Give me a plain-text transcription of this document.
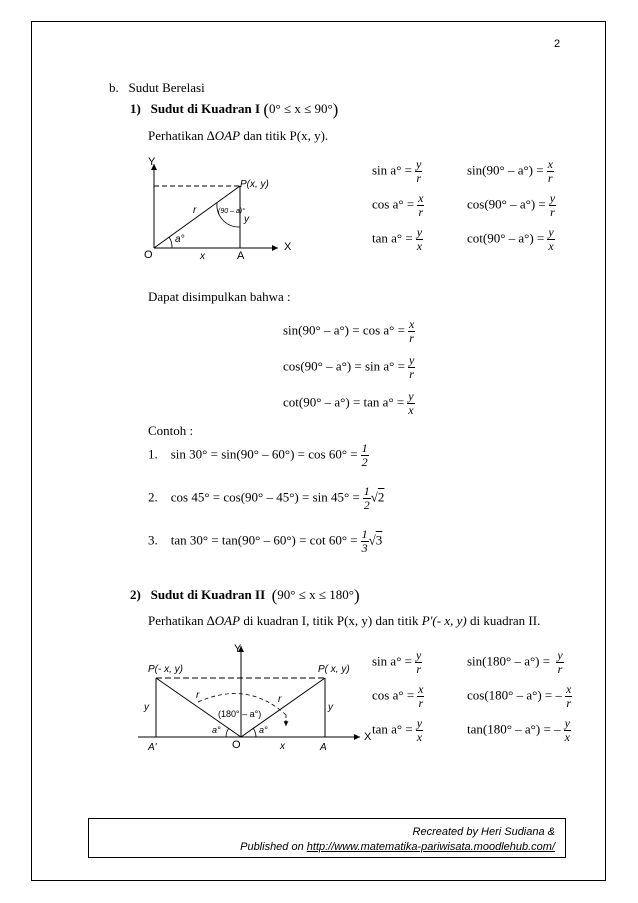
2
b. Sudut Berelasi
1) Sudut di Kuadran I (0° ≤ x ≤ 90°)
Perhatikan ∆OAP dan titik P(x, y).
Y
X
O	A
P(x, y)
r
x
y
a°
(90 – a)°
$\sin a^\circ = \frac{y}{r}$	$\sin(90^\circ - a^\circ) = \frac{x}{r}$
$\cos a^\circ = \frac{x}{r}$	$\cos(90^\circ - a^\circ) = \frac{y}{r}$
$\tan a^\circ = \frac{y}{x}$	$\cot(90^\circ - a^\circ) = \frac{y}{x}$
Dapat disimpulkan bahwa :
$\sin(90^\circ - a^\circ) = \cos a^\circ = \frac{x}{r}$
$\cos(90^\circ - a^\circ) = \sin a^\circ = \frac{y}{r}$
$\cot(90^\circ - a^\circ) = \tan a^\circ = \frac{y}{x}$
Contoh :
1. $\sin 30^\circ = \sin(90^\circ - 60^\circ) = \cos 60^\circ = \frac{1}{2}$
2. $\cos 45^\circ = \cos(90^\circ - 45^\circ) = \sin 45^\circ = \frac{1}{2} √2$
3. $\tan 30^\circ = \tan(90^\circ - 60^\circ) = \cot 60^\circ = \frac{1}{3} √3$
2) Sudut di Kuadran II (90° ≤ x ≤ 180°)
Perhatikan ∆OAP di kuadran I, titik P(x, y) dan titik P'(- x, y) di kuadran II.
Y
X
O	A
A'
P( x, y)
P(- x, y)
r	r
y	y
x
a°	a°
(180° – a°)
$\sin a^\circ = \frac{y}{r}$	$\sin(180^\circ - a^\circ) = \frac{y}{r}$
$\cos a^\circ = \frac{x}{r}$	cos(180° – a°) = – $\frac{x}{r}$
$\tan a^\circ = \frac{y}{x}$	tan(180° – a°) = – $\frac{y}{x}$
Recreated by Heri Sudiana &
Published on http://www.matematika-pariwisata.moodlehub.com/
